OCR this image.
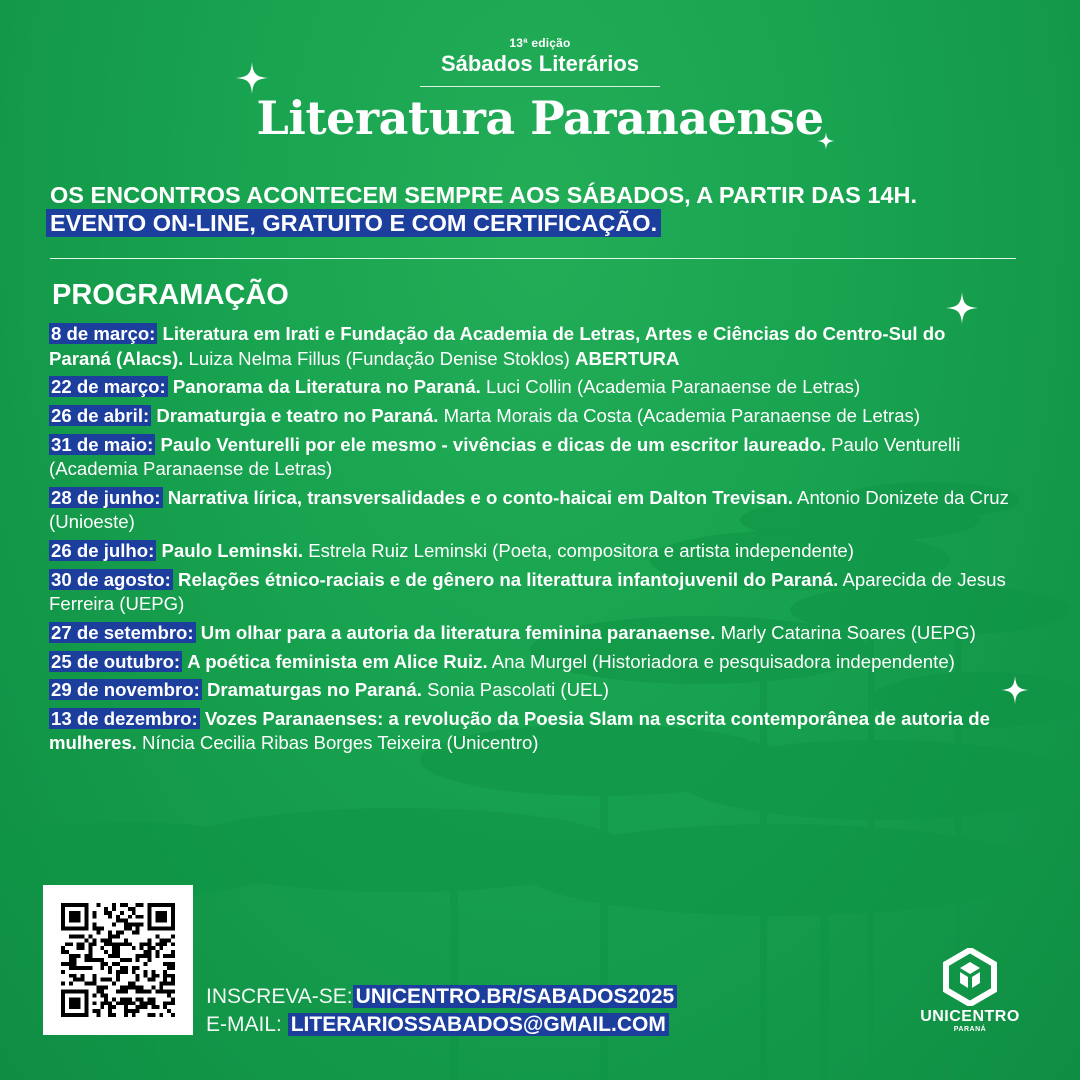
13ª edição
Sábados Literários
Literatura Paranaense
OS ENCONTROS ACONTECEM SEMPRE AOS SÁBADOS, A PARTIR DAS 14H.
EVENTO ON-LINE, GRATUITO E COM CERTIFICAÇÃO.
PROGRAMAÇÃO
8 de março: Literatura em Irati e Fundação da Academia de Letras, Artes e Ciências do Centro-Sul do Paraná (Alacs). Luiza Nelma Fillus (Fundação Denise Stoklos) ABERTURA
22 de março: Panorama da Literatura no Paraná. Luci Collin (Academia Paranaense de Letras)
26 de abril: Dramaturgia e teatro no Paraná. Marta Morais da Costa (Academia Paranaense de Letras)
31 de maio: Paulo Venturelli por ele mesmo - vivências e dicas de um escritor laureado. Paulo Venturelli (Academia Paranaense de Letras)
28 de junho: Narrativa lírica, transversalidades e o conto-haicai em Dalton Trevisan. Antonio Donizete da Cruz (Unioeste)
26 de julho: Paulo Leminski. Estrela Ruiz Leminski (Poeta, compositora e artista independente)
30 de agosto: Relações étnico-raciais e de gênero na literattura infantojuvenil do Paraná. Aparecida de Jesus Ferreira (UEPG)
27 de setembro: Um olhar para a autoria da literatura feminina paranaense. Marly Catarina Soares (UEPG)
25 de outubro: A poética feminista em Alice Ruiz. Ana Murgel (Historiadora e pesquisadora independente)
29 de novembro: Dramaturgas no Paraná. Sonia Pascolati (UEL)
13 de dezembro: Vozes Paranaenses: a revolução da Poesia Slam na escrita contemporânea de autoria de mulheres. Níncia Cecilia Ribas Borges Teixeira (Unicentro)
INSCREVA-SE: UNICENTRO.BR/SABADOS2025
E-MAIL: LITERARIOSSABADOS@GMAIL.COM	UNICENTRO
PARANÁ
